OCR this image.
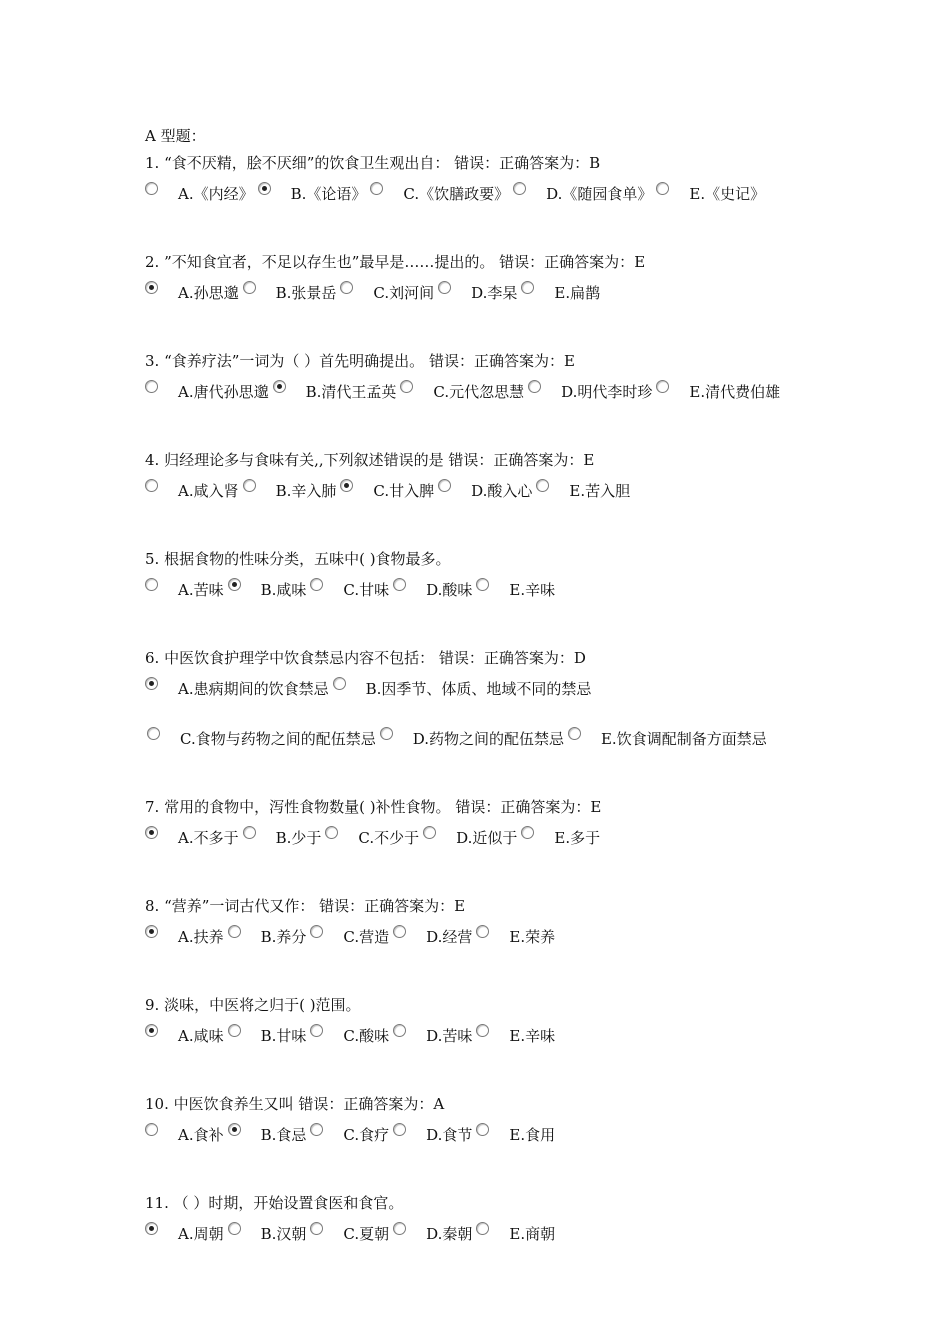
A 型题：
1. “食不厌精，脍不厌细”的饮食卫生观出自： 错误：正确答案为：B
A.《内经》 B.《论语》 C.《饮膳政要》 D.《随园食单》 E.《史记》
2. ”不知食宜者，不足以存生也”最早是……提出的。 错误：正确答案为：E
A.孙思邈 B.张景岳 C.刘河间 D.李杲 E.扁鹊
3. “食养疗法”一词为（ ）首先明确提出。 错误：正确答案为：E
A.唐代孙思邈 B.清代王孟英 C.元代忽思慧 D.明代李时珍 E.清代费伯雄
4. 归经理论多与食味有关,,下列叙述错误的是 错误：正确答案为：E
A.咸入肾 B.辛入肺 C.甘入脾 D.酸入心 E.苦入胆
5. 根据食物的性味分类，五味中( )食物最多。
A.苦味 B.咸味 C.甘味 D.酸味 E.辛味
6. 中医饮食护理学中饮食禁忌内容不包括： 错误：正确答案为：D
A.患病期间的饮食禁忌 B.因季节、体质、地域不同的禁忌
C.食物与药物之间的配伍禁忌 D.药物之间的配伍禁忌 E.饮食调配制备方面禁忌
7. 常用的食物中，泻性食物数量( )补性食物。 错误：正确答案为：E
A.不多于 B.少于 C.不少于 D.近似于 E.多于
8. “营养”一词古代又作： 错误：正确答案为：E
A.扶养 B.养分 C.营造 D.经营 E.荣养
9. 淡味，中医将之归于( )范围。
A.咸味 B.甘味 C.酸味 D.苦味 E.辛味
10. 中医饮食养生又叫 错误：正确答案为：A
A.食补 B.食忌 C.食疗 D.食节 E.食用
11. （ ）时期，开始设置食医和食官。
A.周朝 B.汉朝 C.夏朝 D.秦朝 E.商朝
